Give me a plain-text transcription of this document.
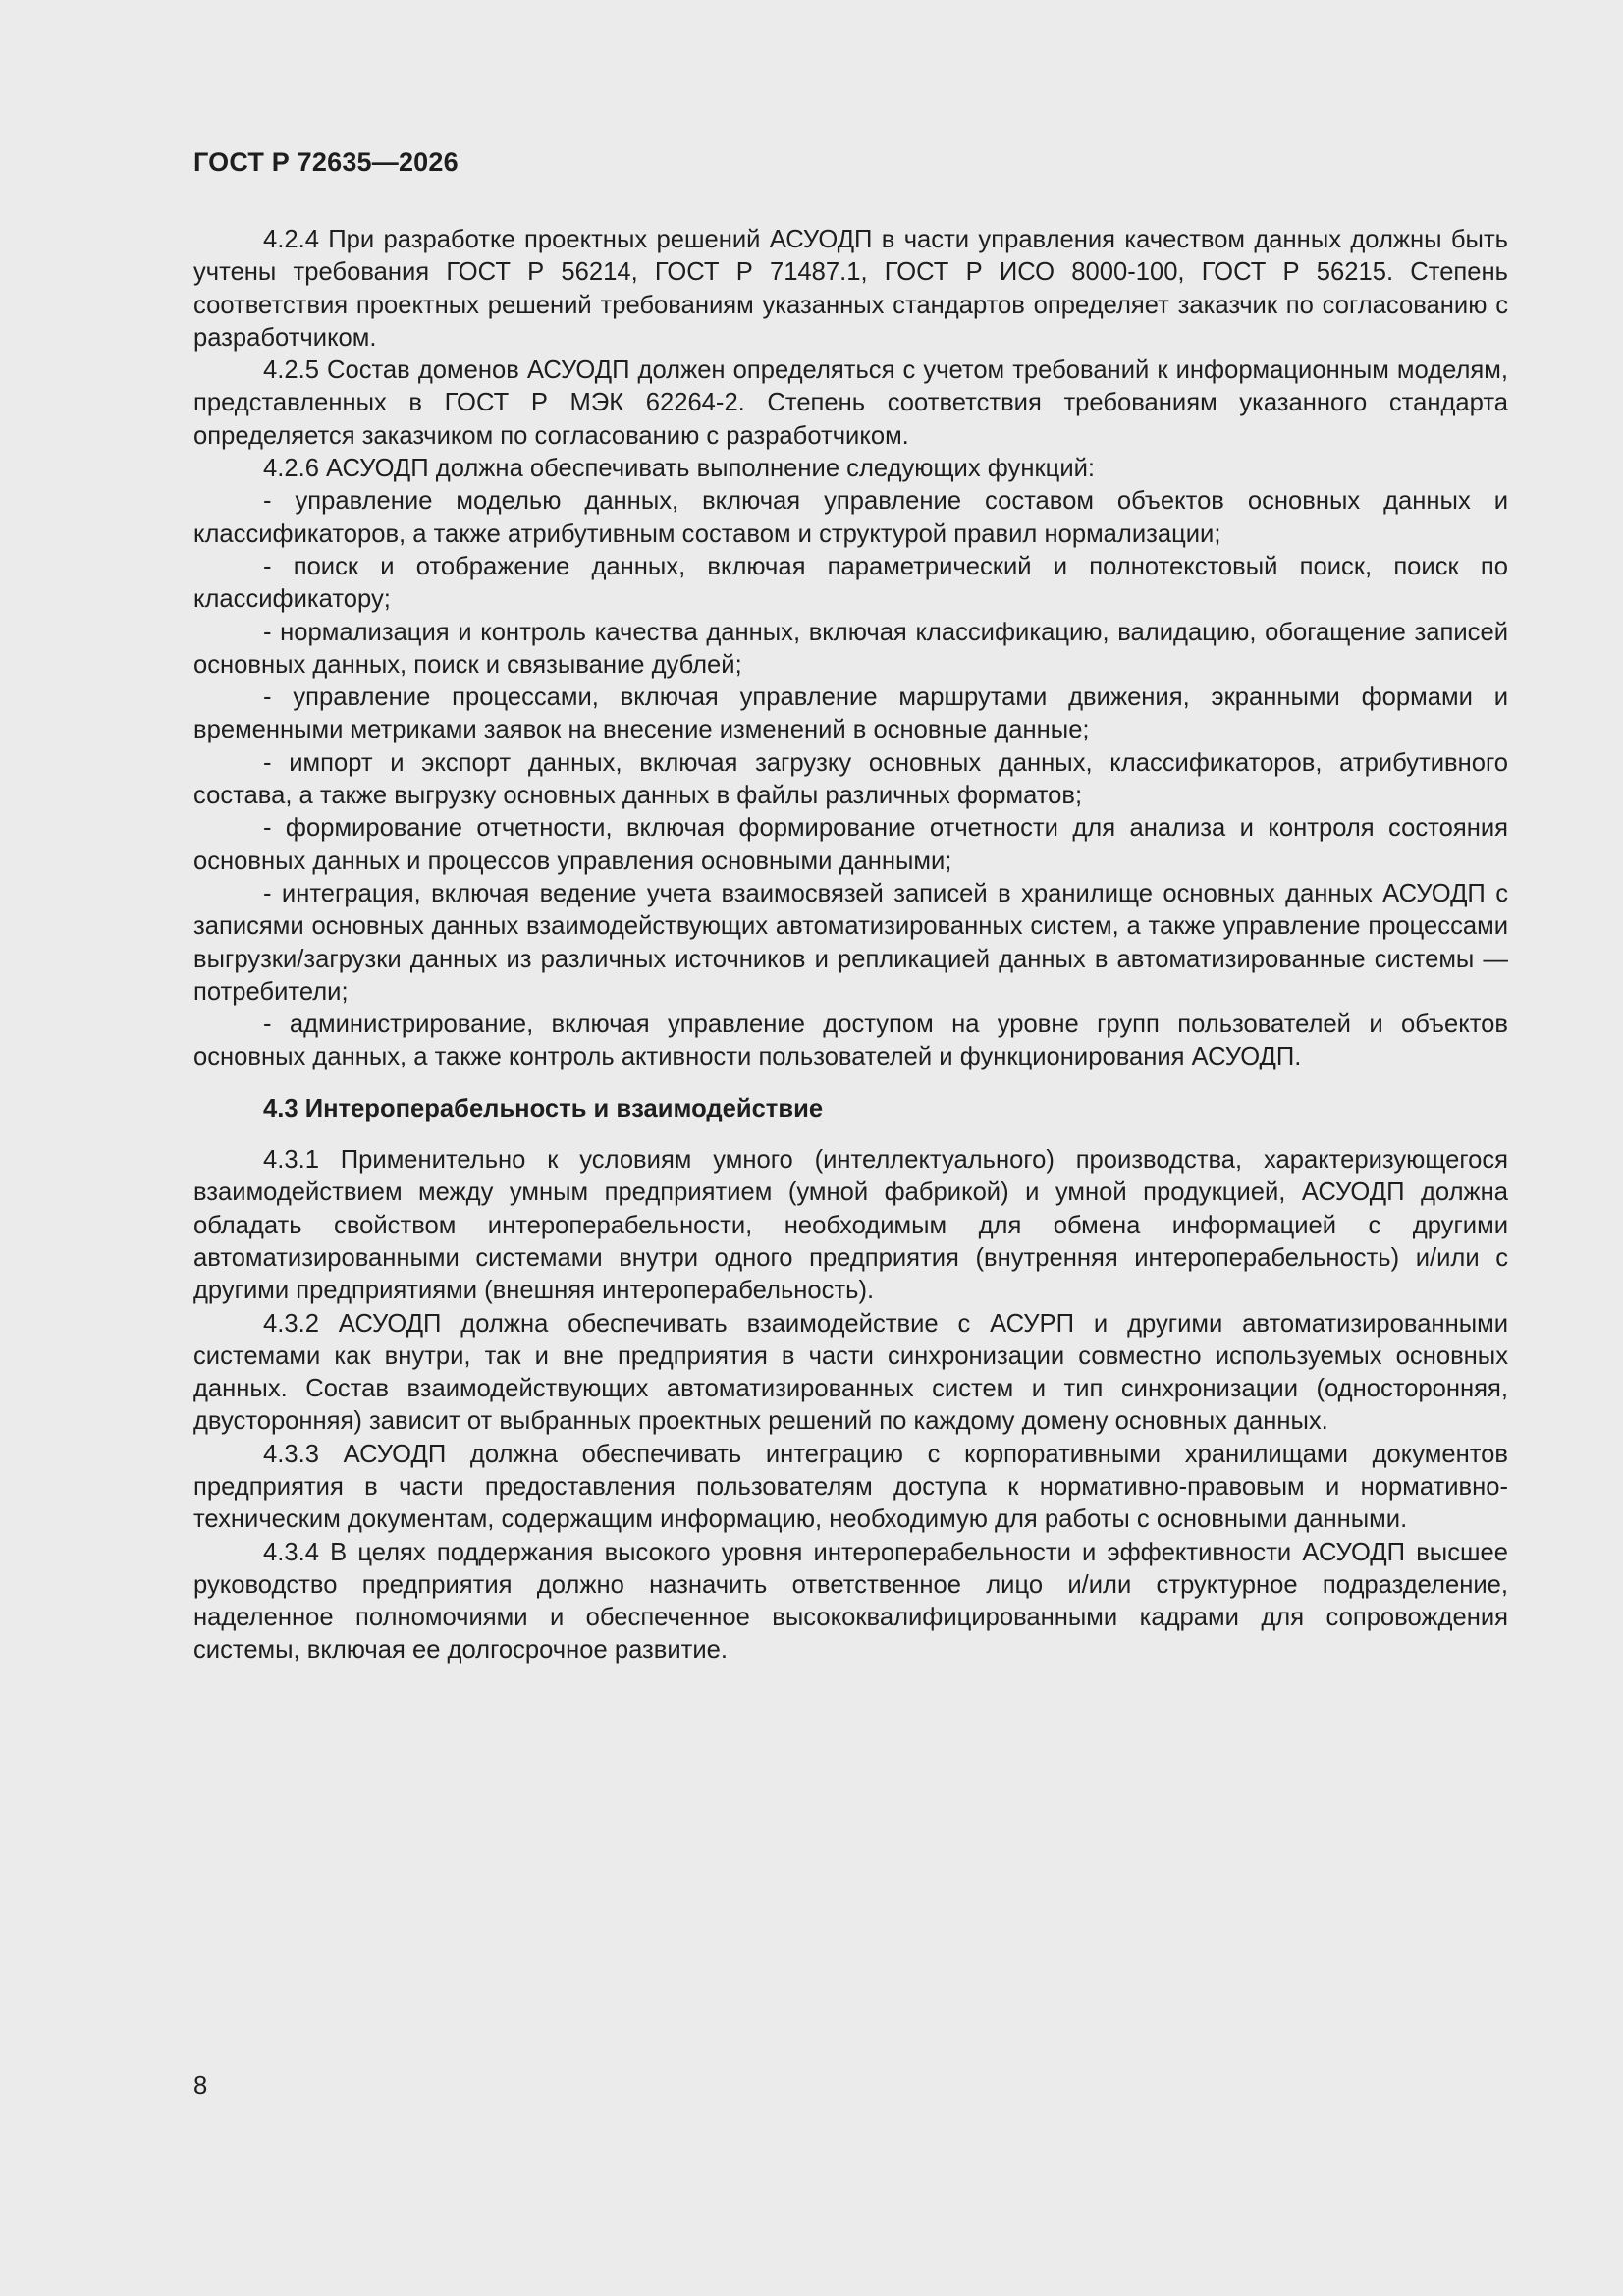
ГОСТ Р 72635—2026

4.2.4 При разработке проектных решений АСУОДП в части управления качеством данных должны быть учтены требования ГОСТ Р 56214, ГОСТ Р 71487.1, ГОСТ Р ИСО 8000-100, ГОСТ Р 56215. Степень соответствия проектных решений требованиям указанных стандартов определяет заказчик по согласованию с разработчиком.

4.2.5 Состав доменов АСУОДП должен определяться с учетом требований к информационным моделям, представленных в ГОСТ Р МЭК 62264-2. Степень соответствия требованиям указанного стандарта определяется заказчиком по согласованию с разработчиком.

4.2.6 АСУОДП должна обеспечивать выполнение следующих функций:

- управление моделью данных, включая управление составом объектов основных данных и классификаторов, а также атрибутивным составом и структурой правил нормализации;

- поиск и отображение данных, включая параметрический и полнотекстовый поиск, поиск по классификатору;

- нормализация и контроль качества данных, включая классификацию, валидацию, обогащение записей основных данных, поиск и связывание дублей;

- управление процессами, включая управление маршрутами движения, экранными формами и временными метриками заявок на внесение изменений в основные данные;

- импорт и экспорт данных, включая загрузку основных данных, классификаторов, атрибутивного состава, а также выгрузку основных данных в файлы различных форматов;

- формирование отчетности, включая формирование отчетности для анализа и контроля состояния основных данных и процессов управления основными данными;

- интеграция, включая ведение учета взаимосвязей записей в хранилище основных данных АСУОДП с записями основных данных взаимодействующих автоматизированных систем, а также управление процессами выгрузки/загрузки данных из различных источников и репликацией данных в автоматизированные системы — потребители;

- администрирование, включая управление доступом на уровне групп пользователей и объектов основных данных, а также контроль активности пользователей и функционирования АСУОДП.

4.3 Интероперабельность и взаимодействие

4.3.1 Применительно к условиям умного (интеллектуального) производства, характеризующегося взаимодействием между умным предприятием (умной фабрикой) и умной продукцией, АСУОДП должна обладать свойством интероперабельности, необходимым для обмена информацией с другими автоматизированными системами внутри одного предприятия (внутренняя интероперабельность) и/или с другими предприятиями (внешняя интероперабельность).

4.3.2 АСУОДП должна обеспечивать взаимодействие с АСУРП и другими автоматизированными системами как внутри, так и вне предприятия в части синхронизации совместно используемых основных данных. Состав взаимодействующих автоматизированных систем и тип синхронизации (односторонняя, двусторонняя) зависит от выбранных проектных решений по каждому домену основных данных.

4.3.3 АСУОДП должна обеспечивать интеграцию с корпоративными хранилищами документов предприятия в части предоставления пользователям доступа к нормативно-правовым и нормативно-техническим документам, содержащим информацию, необходимую для работы с основными данными.

4.3.4 В целях поддержания высокого уровня интероперабельности и эффективности АСУОДП высшее руководство предприятия должно назначить ответственное лицо и/или структурное подразделение, наделенное полномочиями и обеспеченное высококвалифицированными кадрами для сопровождения системы, включая ее долгосрочное развитие.

8
